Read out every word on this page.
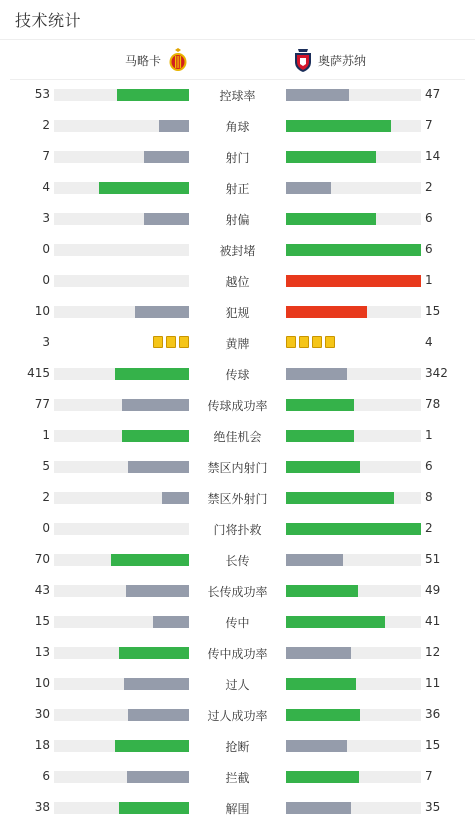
技术统计
马略卡	奥萨苏纳
53	控球率	47
2	角球	7
7	射门	14
4	射正	2
3	射偏	6
0	被封堵	6
0	越位	1
10	犯规	15
3	黄牌	4
415	传球	342
77	传球成功率	78
1	绝佳机会	1
5	禁区内射门	6
2	禁区外射门	8
0	门将扑救	2
70	长传	51
43	长传成功率	49
15	传中	41
13	传中成功率	12
10	过人	11
30	过人成功率	36
18	抢断	15
6	拦截	7
38	解围	35
